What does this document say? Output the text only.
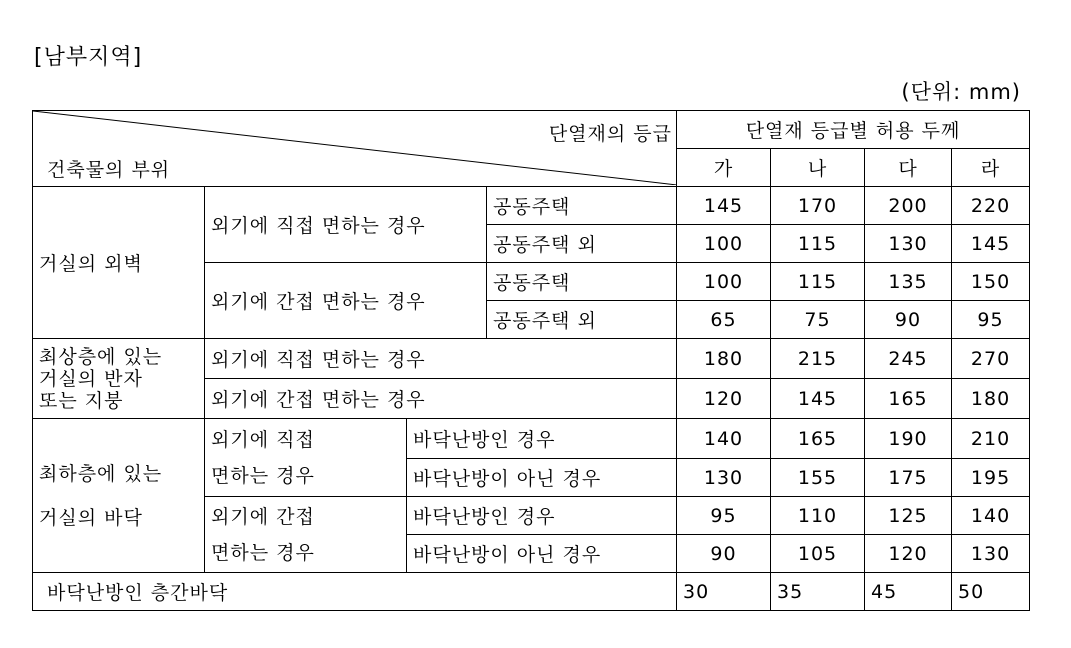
[남부지역]
(단위: mm)
단열재의 등급
건축물의 부위				단열재 등급별 허용 두께			
				가	나	다	라
거실의 외벽	외기에 직접 면하는 경우		공동주택	145	170	200	220
			공동주택 외	100	115	130	145
	외기에 간접 면하는 경우		공동주택	100	115	135	150
			공동주택 외	65	75	90	95

최상층에 있는
거실의 반자
또는 지붕	외기에 직접 면하는 경우			180	215	245	270
	외기에 간접 면하는 경우			120	145	165	180

최하층에 있는
거실의 바닥	외기에 직접
면하는 경우	바닥난방인 경우		140	165	190	210
		바닥난방이 아닌 경우		130	155	175	195

	외기에 간접
면하는 경우	바닥난방인 경우		95	110	125	140
		바닥난방이 아닌 경우		90	105	120	130
바닥난방인 층간바닥				30	35	45	50
